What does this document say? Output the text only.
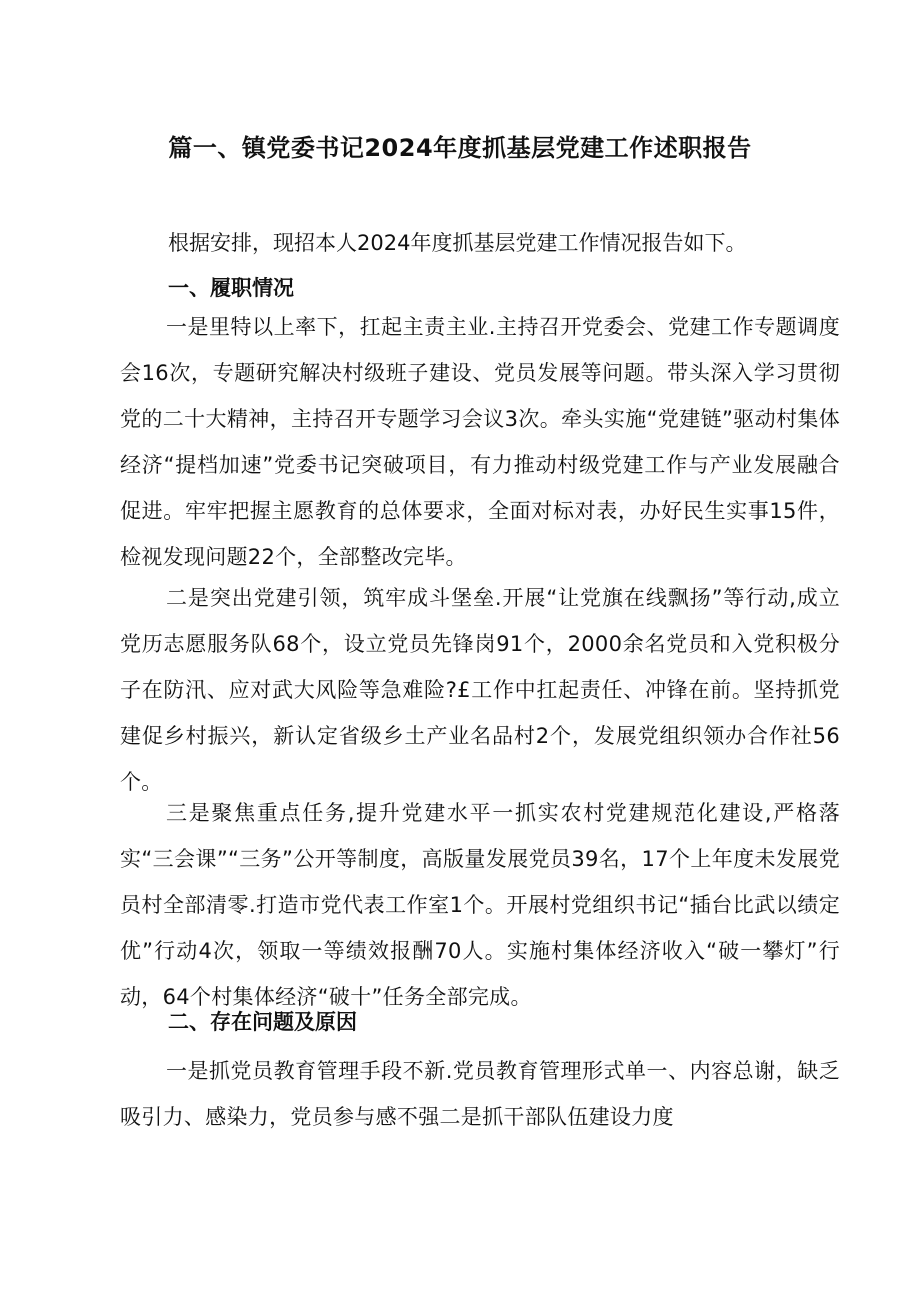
篇一、镇党委书记2024年度抓基层党建工作述职报告
根据安排，现招本人2024年度抓基层党建工作情况报告如下。
一、履职情况
一是里特以上率下，扛起主责主业.主持召开党委会、党建工作专题调度会16次，专题研究解决村级班子建设、党员发展等问题。带头深入学习贯彻党的二十大精神，主持召开专题学习会议3次。牵头实施“党建链”驱动村集体经济“提档加速”党委书记突破项目，有力推动村级党建工作与产业发展融合促进。牢牢把握主愿教育的总体要求，全面对标对表，办好民生实事15件，检视发现问题22个，全部整改完毕。
二是突出党建引领，筑牢成斗堡垒.开展“让党旗在线飘扬”等行动,成立党历志愿服务队68个，设立党员先锋岗91个，2000余名党员和入党积极分子在防汛、应对武大风险等急难险?£工作中扛起责任、冲锋在前。坚持抓党建促乡村振兴，新认定省级乡土产业名品村2个，发展党组织领办合作社56个。
三是聚焦重点任务,提升党建水平一抓实农村党建规范化建设,严格落实“三会课”“三务”公开等制度，高版量发展党员39名，17个上年度未发展党员村全部清零.打造市党代表工作室1个。开展村党组织书记“插台比武以绩定优”行动4次，领取一等绩效报酬70人。实施村集体经济收入“破一攀灯”行动，64个村集体经济“破十”任务全部完成。
二、存在问题及原因
一是抓党员教育管理手段不新.党员教育管理形式单一、内容总谢，缺乏吸引力、感染力，党员参与感不强二是抓干部队伍建设力度
